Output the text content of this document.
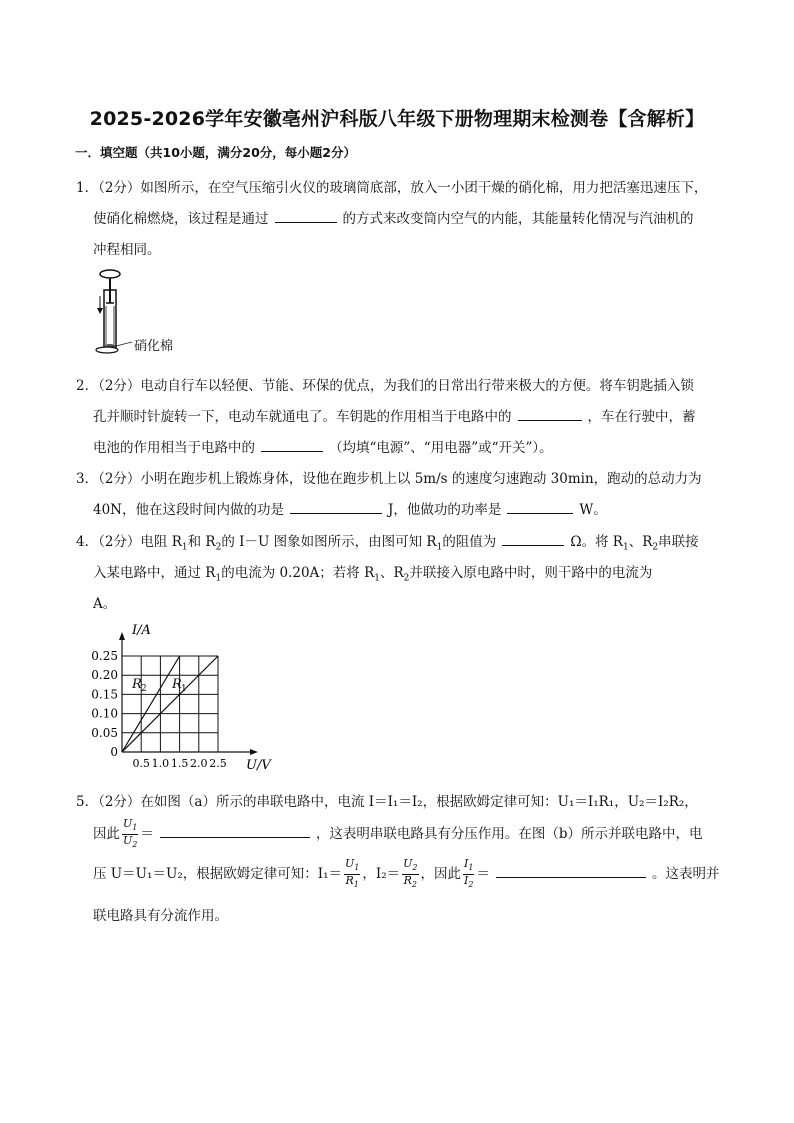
2025-2026学年安徽亳州沪科版八年级下册物理期末检测卷【含解析】
一．填空题（共10小题，满分20分，每小题2分）
1．（2分）如图所示，在空气压缩引火仪的玻璃筒底部，放入一小团干燥的硝化棉，用力把活塞迅速压下，
使硝化棉燃烧，该过程是通过	的方式来改变筒内空气的内能，其能量转化情况与汽油机的
冲程相同。
硝化棉
2．（2分）电动自行车以轻便、节能、环保的优点，为我们的日常出行带来极大的方便。将车钥匙插入锁
孔并顺时针旋转一下，电动车就通电了。车钥匙的作用相当于电路中的	，车在行驶中，蓄
电池的作用相当于电路中的	（均填“电源”、“用电器”或“开关”）。
3．（2分）小明在跑步机上锻炼身体，设他在跑步机上以 5m/s 的速度匀速跑动 30min，跑动的总动力为
40N，他在这段时间内做的功是	J，他做功的功率是	W。
4．（2分）电阻 $R_1$和 $R_2$的 I－U 图象如图所示，由图可知 $R_1$的阻值为	Ω。将 $R_1$、$R_2$串联接
入某电路中，通过 $R_1$的电流为 0.20A；若将 $R_1$、$R_2$并联接入原电路中时，则干路中的电流为
A。
0.25
0.20
0.15
0.10
0.05
0
0.5 1.0 1.5 2.0 2.5
R 2 R 1
I/A
U/V
5．（2分）在如图（a）所示的串联电路中，电流 I＝I₁＝I₂，根据欧姆定律可知：U₁＝I₁R₁，U₂＝I₂R₂，
因此 $\frac{U_1}{U_2}$ ＝	，这表明串联电路具有分压作用。在图（b）所示并联电路中，电
压 U＝U₁＝U₂，根据欧姆定律可知：$I_1= \frac{U_1}{R_1}$ ，$I_2= \frac{U_2}{R_2}$ ，因此 $\frac{I_1}{I_2}$ ＝	。这表明并
联电路具有分流作用。
